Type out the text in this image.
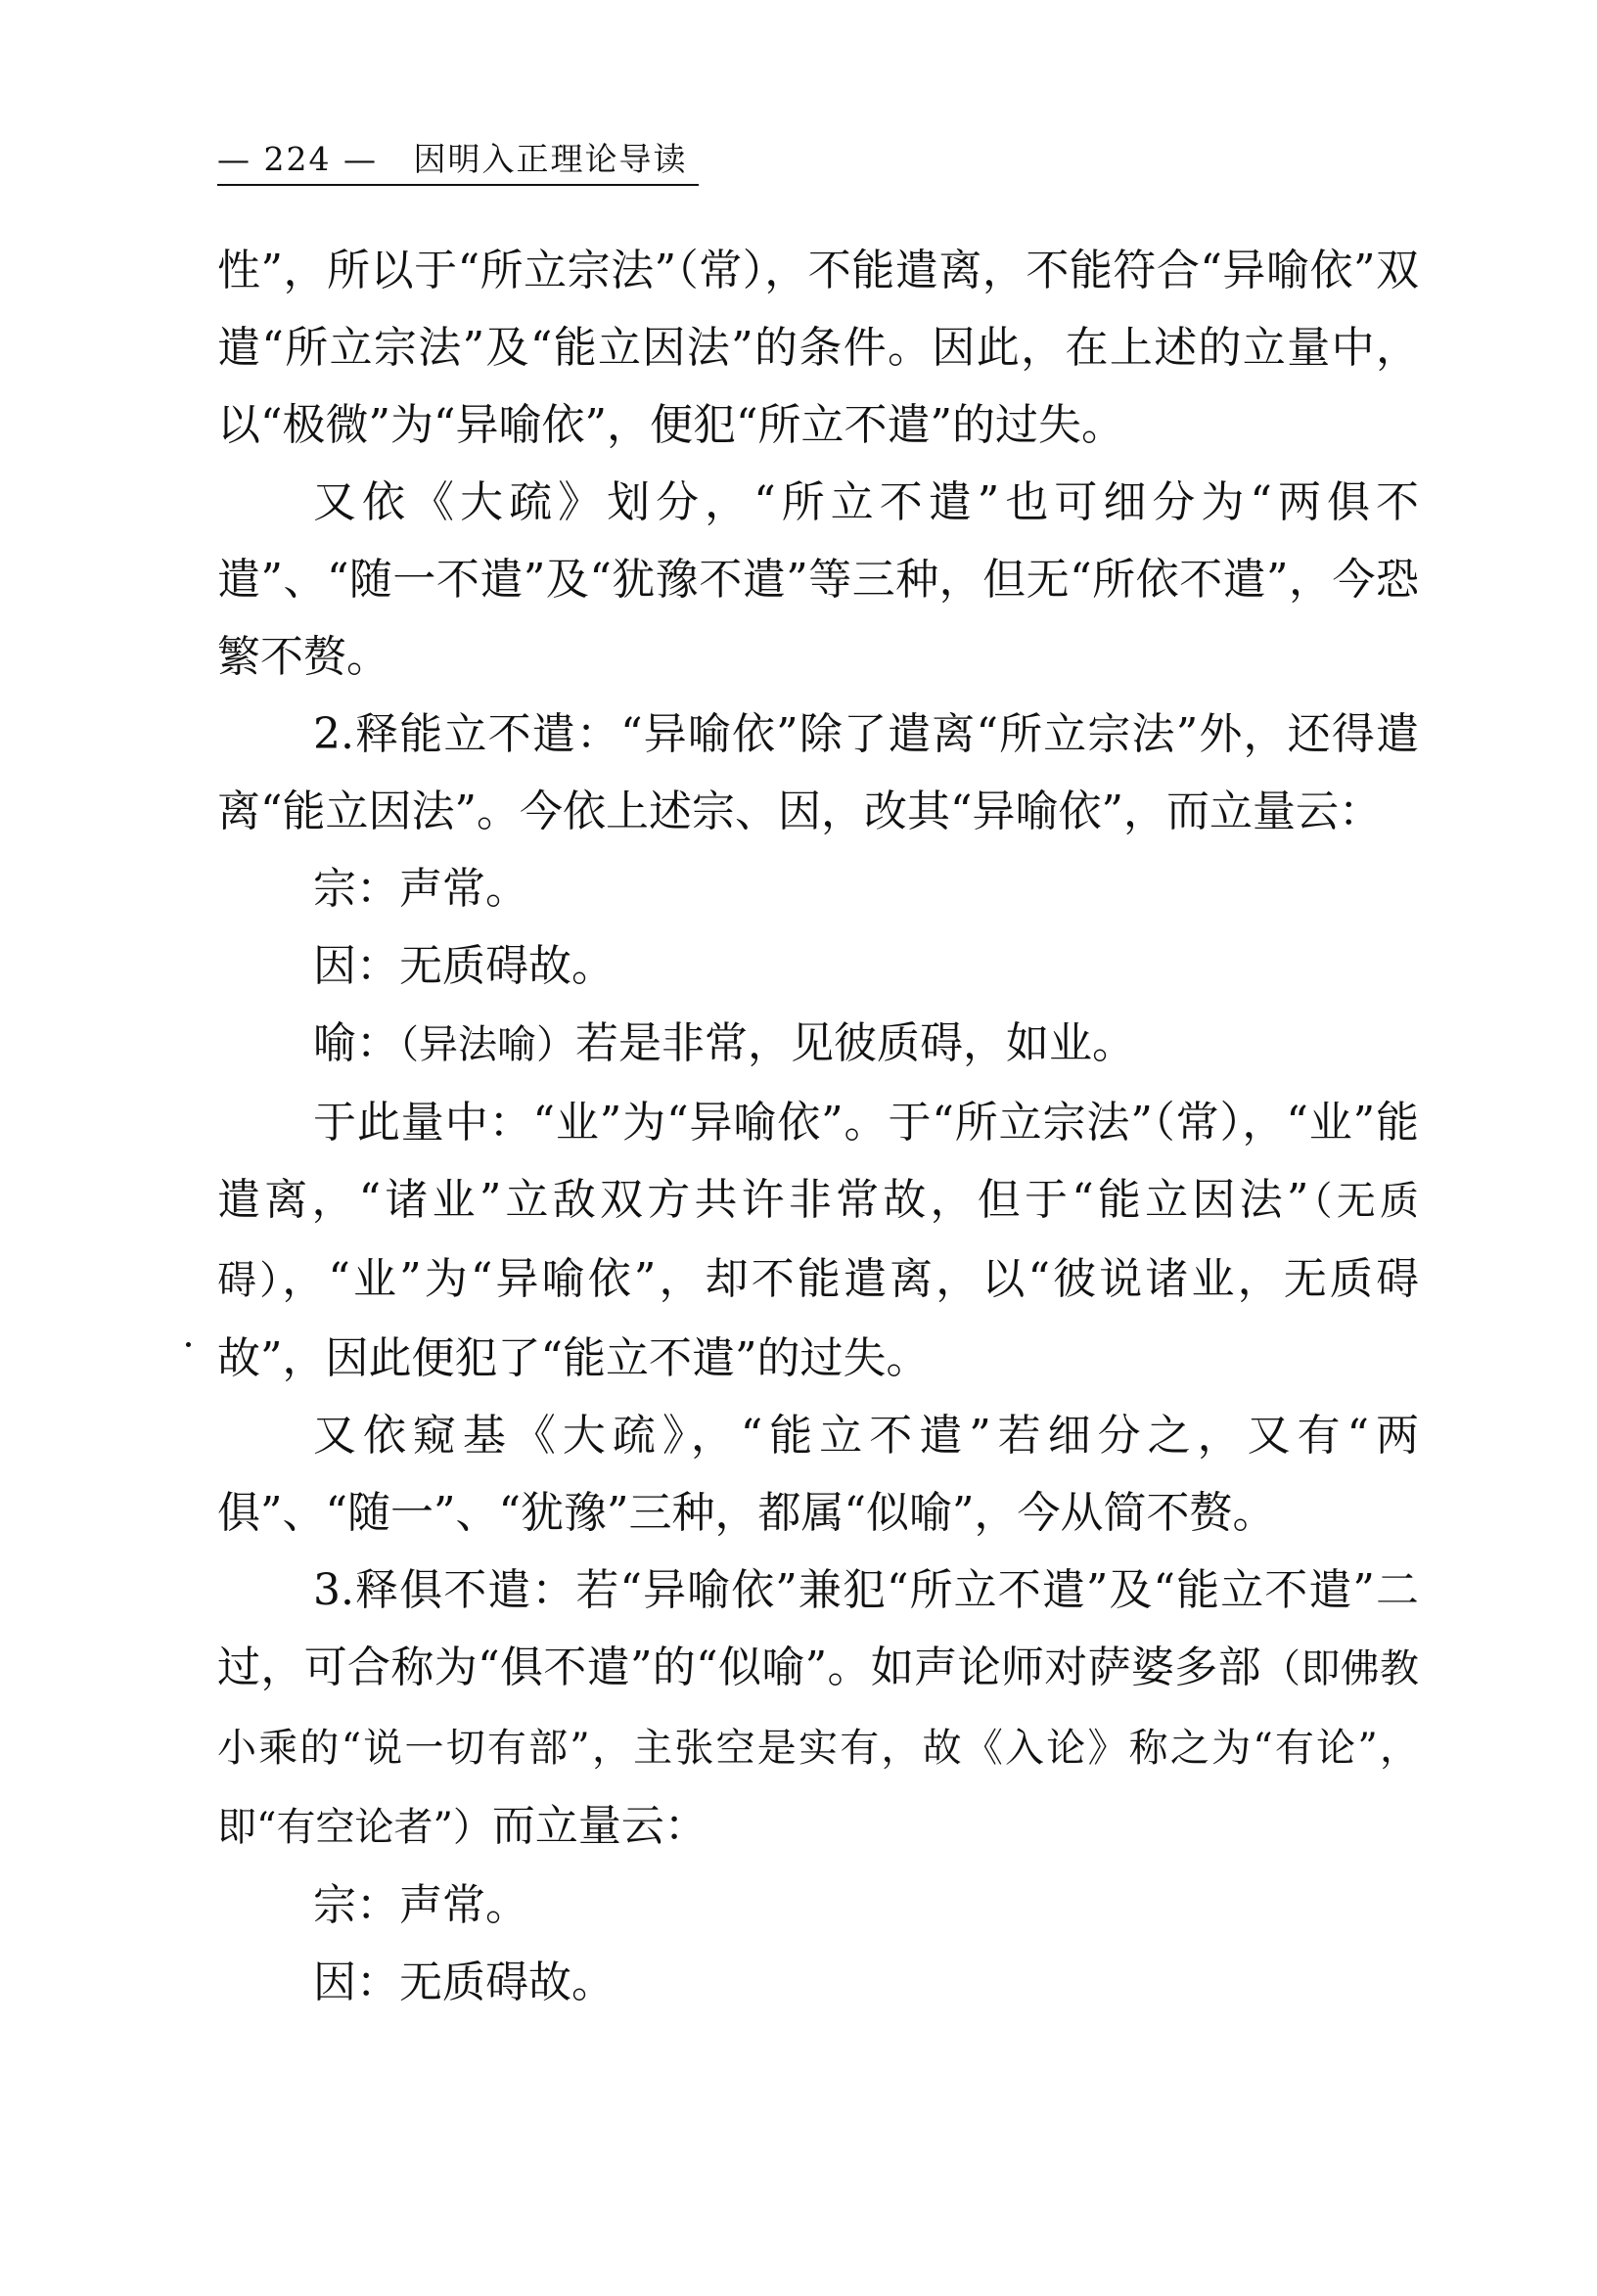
— 224 — 因明入正理论导读

性”，所以于“所立宗法”（常），不能遣离，不能符合“异喻依”双遣“所立宗法”及“能立因法”的条件。因此，在上述的立量中，以“极微”为“异喻依”，便犯“所立不遣”的过失。

又依《大疏》划分，“所立不遣”也可细分为“两俱不遣”、“随一不遣”及“犹豫不遣”等三种，但无“所依不遣”，今恐繁不赘。

2.释能立不遣：“异喻依”除了遣离“所立宗法”外，还得遣离“能立因法”。今依上述宗、因，改其“异喻依”，而立量云：

宗：声常。

因：无质碍故。

喻：（异法喻）若是非常，见彼质碍，如业。

于此量中：“业”为“异喻依”。于“所立宗法”（常），“业”能遣离，“诸业”立敌双方共许非常故，但于“能立因法”（无质碍），“业”为“异喻依”，却不能遣离，以“彼说诸业，无质碍故”，因此便犯了“能立不遣”的过失。

又依窥基《大疏》，“能立不遣”若细分之，又有“两俱”、“随一”、“犹豫”三种，都属“似喻”，今从简不赘。

3.释俱不遣：若“异喻依”兼犯“所立不遣”及“能立不遣”二过，可合称为“俱不遣”的“似喻”。如声论师对萨婆多部（即佛教小乘的“说一切有部”，主张空是实有，故《入论》称之为“有论”，即“有空论者”）而立量云：

宗：声常。

因：无质碍故。
